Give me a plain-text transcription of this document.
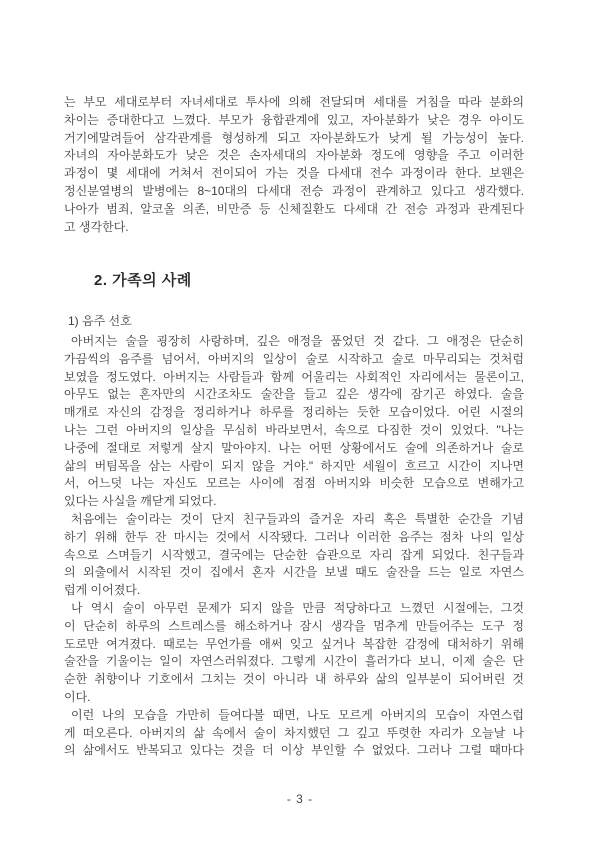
는 부모 세대로부터 자녀세대로 투사에 의해 전달되며 세대를 거침을 따라 분화의
차이는 증대한다고 느꼈다. 부모가 융합관계에 있고, 자아분화가 낮은 경우 아이도
거기에말려들어 삼각관계를 형성하게 되고 자아분화도가 낮게 될 가능성이 높다.
자녀의 자아분화도가 낮은 것은 손자세대의 자아분화 정도에 영향을 주고 이러한
과정이 몇 세대에 거쳐서 전이되어 가는 것을 다세대 전수 과정이라 한다. 보웬은
정신분열병의 발병에는 8~10대의 다세대 전승 과정이 관계하고 있다고 생각했다.
나아가 범죄, 알코올 의존, 비만증 등 신체질환도 다세대 간 전승 과정과 관계된다
고 생각한다.
2. 가족의 사례
1) 음주 선호
아버지는 술을 굉장히 사랑하며, 깊은 애정을 품었던 것 같다. 그 애정은 단순히
가끔씩의 음주를 넘어서, 아버지의 일상이 술로 시작하고 술로 마무리되는 것처럼
보였을 정도였다. 아버지는 사람들과 함께 어울리는 사회적인 자리에서는 물론이고,
아무도 없는 혼자만의 시간조차도 술잔을 들고 깊은 생각에 잠기곤 하였다. 술을
매개로 자신의 감정을 정리하거나 하루를 정리하는 듯한 모습이었다. 어린 시절의
나는 그런 아버지의 일상을 무심히 바라보면서, 속으로 다짐한 것이 있었다. "나는
나중에 절대로 저렇게 살지 말아야지. 나는 어떤 상황에서도 술에 의존하거나 술로
삶의 버팀목을 삼는 사람이 되지 않을 거야." 하지만 세월이 흐르고 시간이 지나면
서, 어느덧 나는 자신도 모르는 사이에 점점 아버지와 비슷한 모습으로 변해가고
있다는 사실을 깨닫게 되었다.
처음에는 술이라는 것이 단지 친구들과의 즐거운 자리 혹은 특별한 순간을 기념
하기 위해 한두 잔 마시는 것에서 시작됐다. 그러나 이러한 음주는 점차 나의 일상
속으로 스며들기 시작했고, 결국에는 단순한 습관으로 자리 잡게 되었다. 친구들과
의 외출에서 시작된 것이 집에서 혼자 시간을 보낼 때도 술잔을 드는 일로 자연스
럽게 이어졌다.
나 역시 술이 아무런 문제가 되지 않을 만큼 적당하다고 느꼈던 시절에는, 그것
이 단순히 하루의 스트레스를 해소하거나 잠시 생각을 멈추게 만들어주는 도구 정
도로만 여겨졌다. 때로는 무언가를 애써 잊고 싶거나 복잡한 감정에 대처하기 위해
술잔을 기울이는 일이 자연스러워졌다. 그렇게 시간이 흘러가다 보니, 이제 술은 단
순한 취향이나 기호에서 그치는 것이 아니라 내 하루와 삶의 일부분이 되어버린 것
이다.
이런 나의 모습을 가만히 들여다볼 때면, 나도 모르게 아버지의 모습이 자연스럽
게 떠오른다. 아버지의 삶 속에서 술이 차지했던 그 깊고 뚜렷한 자리가 오늘날 나
의 삶에서도 반복되고 있다는 것을 더 이상 부인할 수 없었다. 그러나 그럴 때마다
- 3 -
